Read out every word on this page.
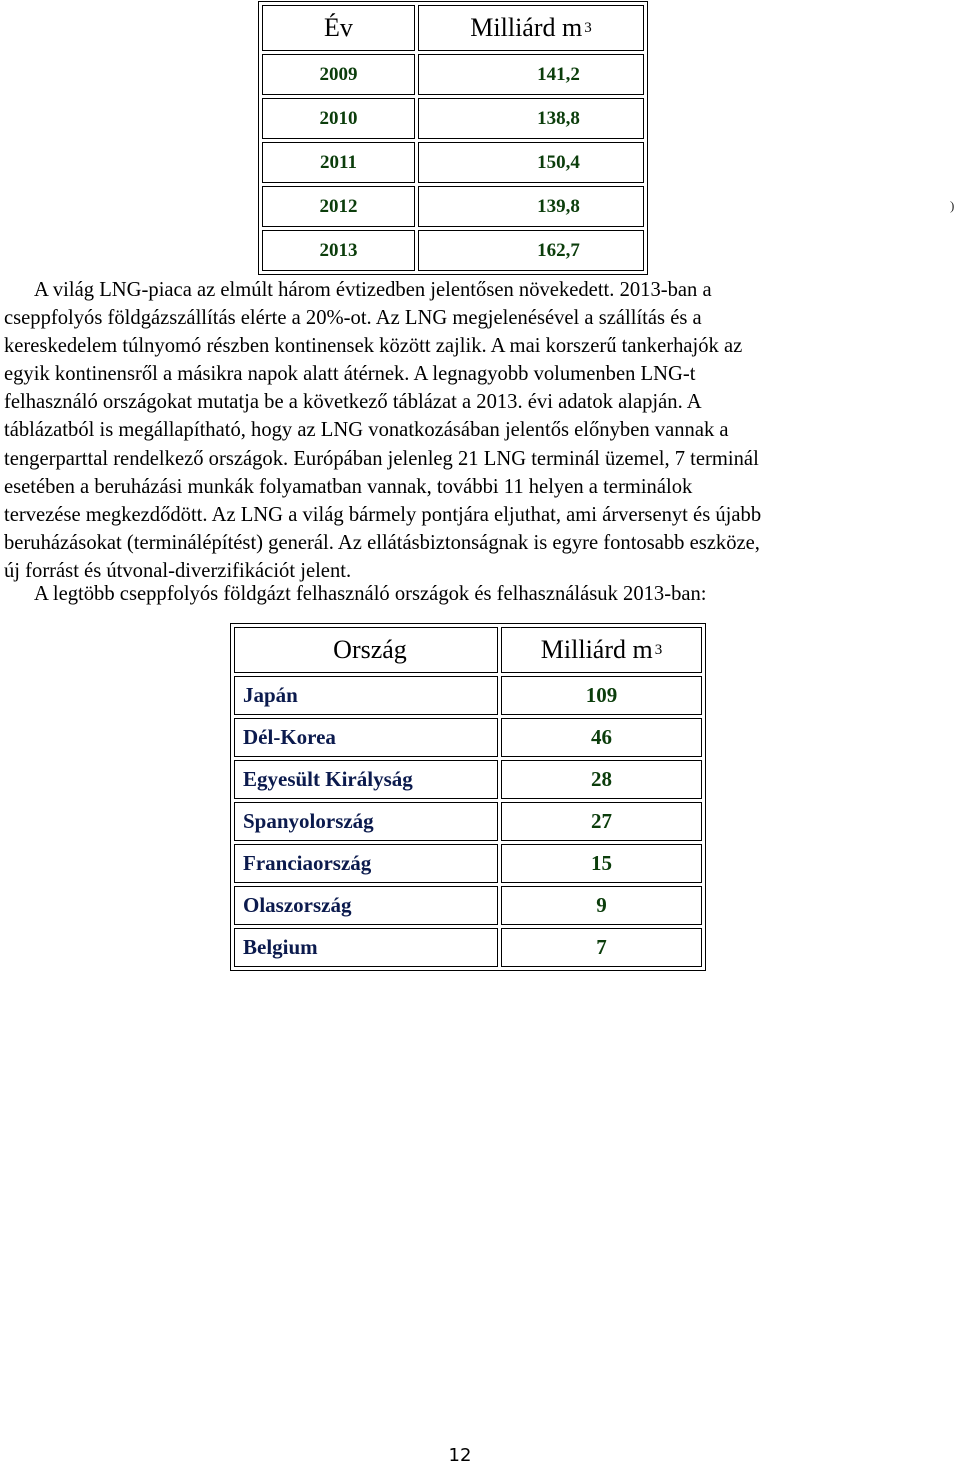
Év	Milliárd m $^3$
2009	141,2
2010	138,8
2011	150,4
2012	139,8
2013	162,7
)
A világ LNG-piaca az elmúlt három évtizedben jelentősen növekedett. 2013-ban a
cseppfolyós földgázszállítás elérte a 20%-ot. Az LNG megjelenésével a szállítás és a
kereskedelem túlnyomó részben kontinensek között zajlik. A mai korszerű tankerhajók az
egyik kontinensről a másikra napok alatt átérnek. A legnagyobb volumenben LNG-t
felhasználó országokat mutatja be a következő táblázat a 2013. évi adatok alapján. A
táblázatból is megállapítható, hogy az LNG vonatkozásában jelentős előnyben vannak a
tengerparttal rendelkező országok. Európában jelenleg 21 LNG terminál üzemel, 7 terminál
esetében a beruházási munkák folyamatban vannak, további 11 helyen a terminálok
tervezése megkezdődött. Az LNG a világ bármely pontjára eljuthat, ami árversenyt és újabb
beruházásokat (terminálépítést) generál. Az ellátásbiztonságnak is egyre fontosabb eszköze,
új forrást és útvonal-diverzifikációt jelent.
A legtöbb cseppfolyós földgázt felhasználó országok és felhasználásuk 2013-ban:
Ország	Milliárd m $^3$
Japán	109
Dél-Korea	46
Egyesült Királyság	28
Spanyolország	27
Franciaország	15
Olaszország	9
Belgium	7
12
